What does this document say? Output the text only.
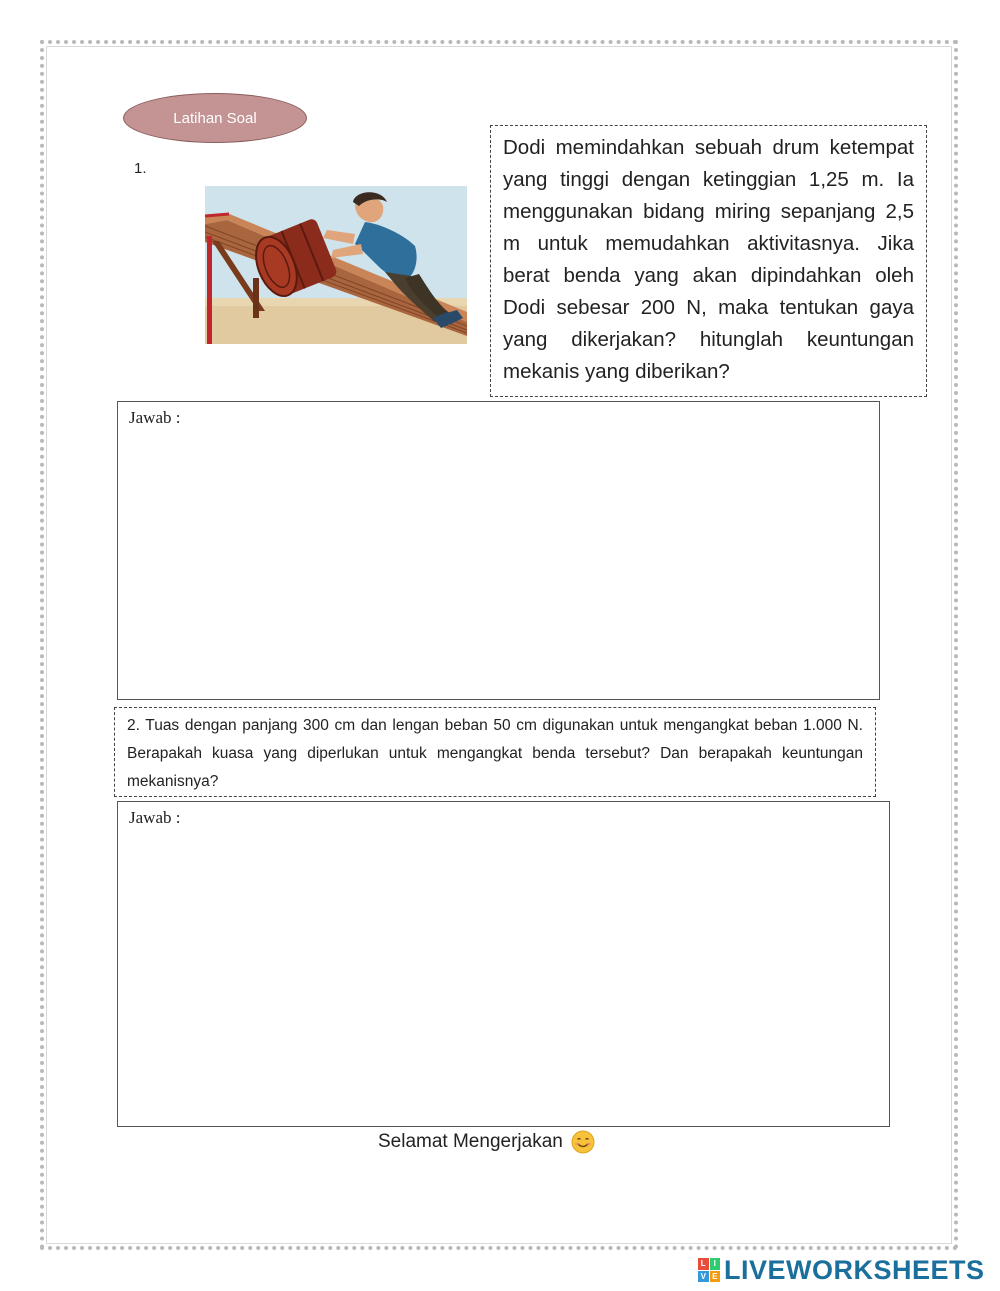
Latihan Soal
1.
Dodi memindahkan sebuah drum ketempat yang tinggi dengan ketinggian 1,25 m. Ia menggunakan bidang miring sepanjang 2,5 m untuk memudahkan aktivitasnya. Jika berat benda yang akan dipindahkan oleh Dodi sebesar 200 N, maka tentukan gaya yang dikerjakan? hitunglah keuntungan mekanis yang diberikan?
Jawab :
2. Tuas dengan panjang 300 cm dan lengan beban 50 cm digunakan untuk mengangkat beban 1.000 N. Berapakah kuasa yang diperlukan untuk mengangkat benda tersebut? Dan berapakah keuntungan mekanisnya?
Jawab :
Selamat Mengerjakan
L I
V E LIVEWORKSHEETS
